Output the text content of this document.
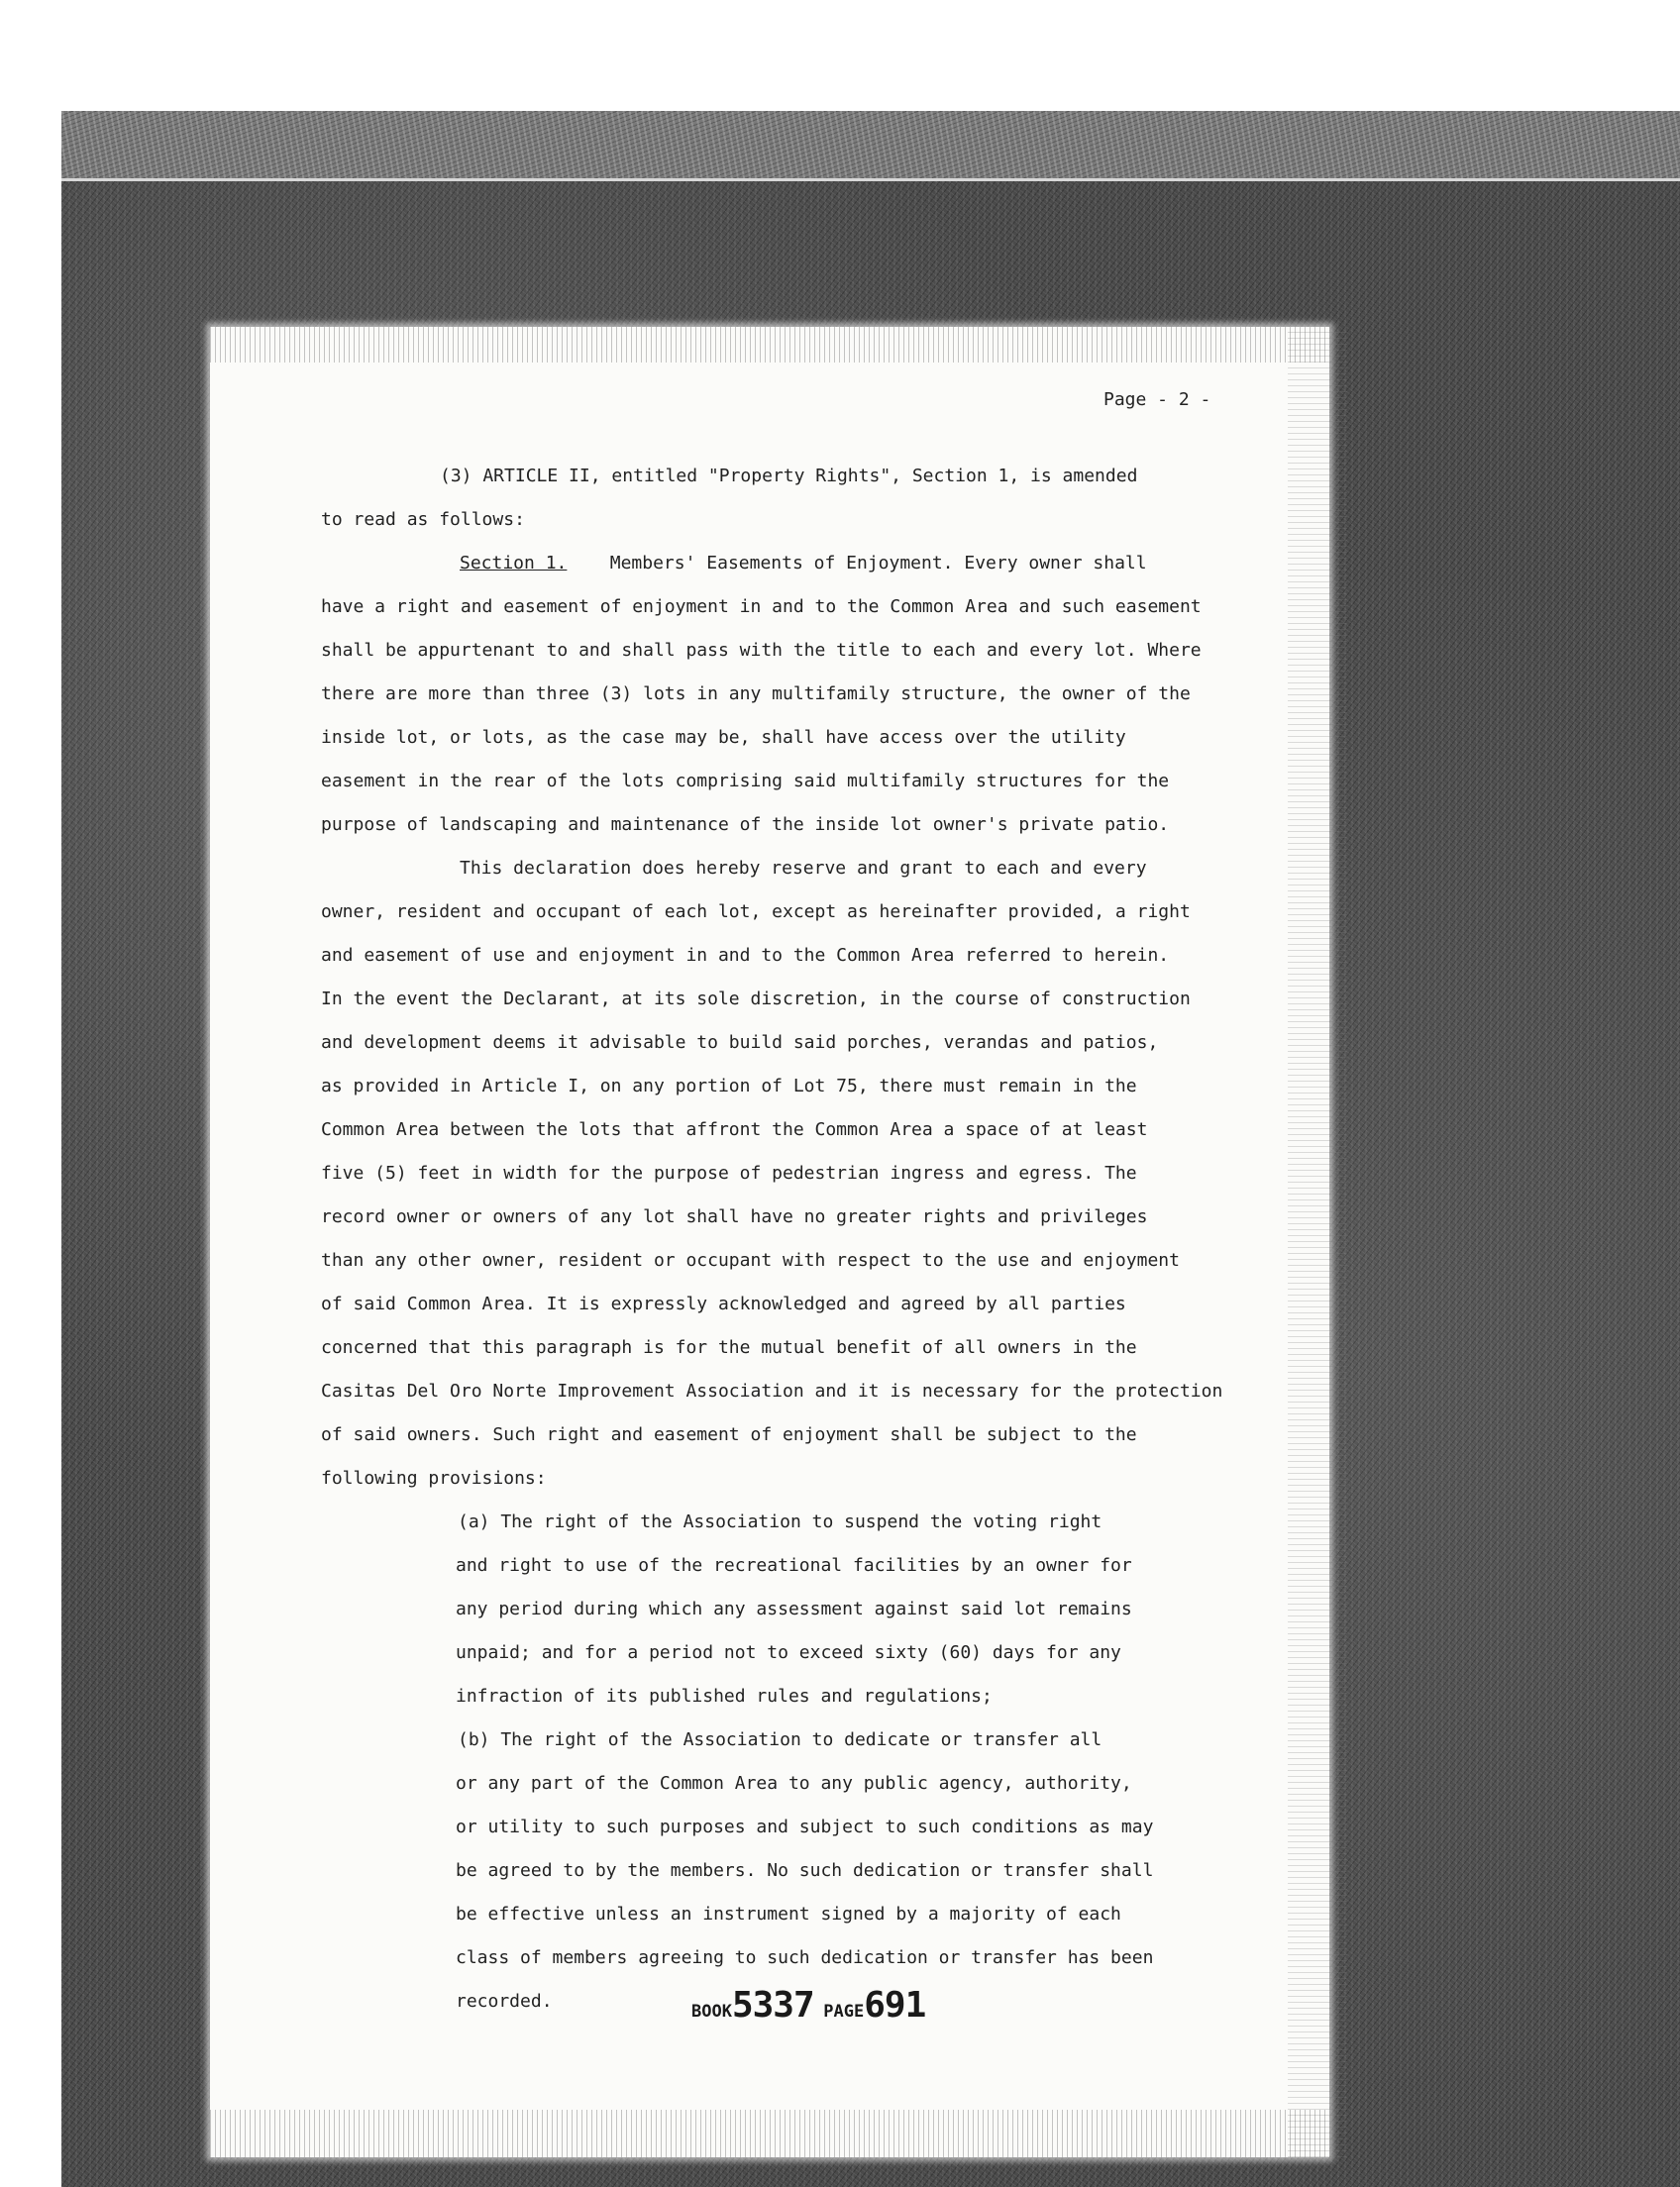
Page - 2 -

(3) ARTICLE II, entitled "Property Rights", Section 1, is amended

to read as follows:

Section 1. Members' Easements of Enjoyment. Every owner shall

have a right and easement of enjoyment in and to the Common Area and such easement

shall be appurtenant to and shall pass with the title to each and every lot. Where

there are more than three (3) lots in any multifamily structure, the owner of the

inside lot, or lots, as the case may be, shall have access over the utility

easement in the rear of the lots comprising said multifamily structures for the

purpose of landscaping and maintenance of the inside lot owner's private patio.

This declaration does hereby reserve and grant to each and every

owner, resident and occupant of each lot, except as hereinafter provided, a right

and easement of use and enjoyment in and to the Common Area referred to herein.

In the event the Declarant, at its sole discretion, in the course of construction

and development deems it advisable to build said porches, verandas and patios,

as provided in Article I, on any portion of Lot 75, there must remain in the

Common Area between the lots that affront the Common Area a space of at least

five (5) feet in width for the purpose of pedestrian ingress and egress. The

record owner or owners of any lot shall have no greater rights and privileges

than any other owner, resident or occupant with respect to the use and enjoyment

of said Common Area. It is expressly acknowledged and agreed by all parties

concerned that this paragraph is for the mutual benefit of all owners in the

Casitas Del Oro Norte Improvement Association and it is necessary for the protection

of said owners. Such right and easement of enjoyment shall be subject to the

following provisions:

(a) The right of the Association to suspend the voting right

and right to use of the recreational facilities by an owner for

any period during which any assessment against said lot remains

unpaid; and for a period not to exceed sixty (60) days for any

infraction of its published rules and regulations;

(b) The right of the Association to dedicate or transfer all

or any part of the Common Area to any public agency, authority,

or utility to such purposes and subject to such conditions as may

be agreed to by the members. No such dedication or transfer shall

be effective unless an instrument signed by a majority of each

class of members agreeing to such dedication or transfer has been

recorded.	BOOK5337 PAGE691
